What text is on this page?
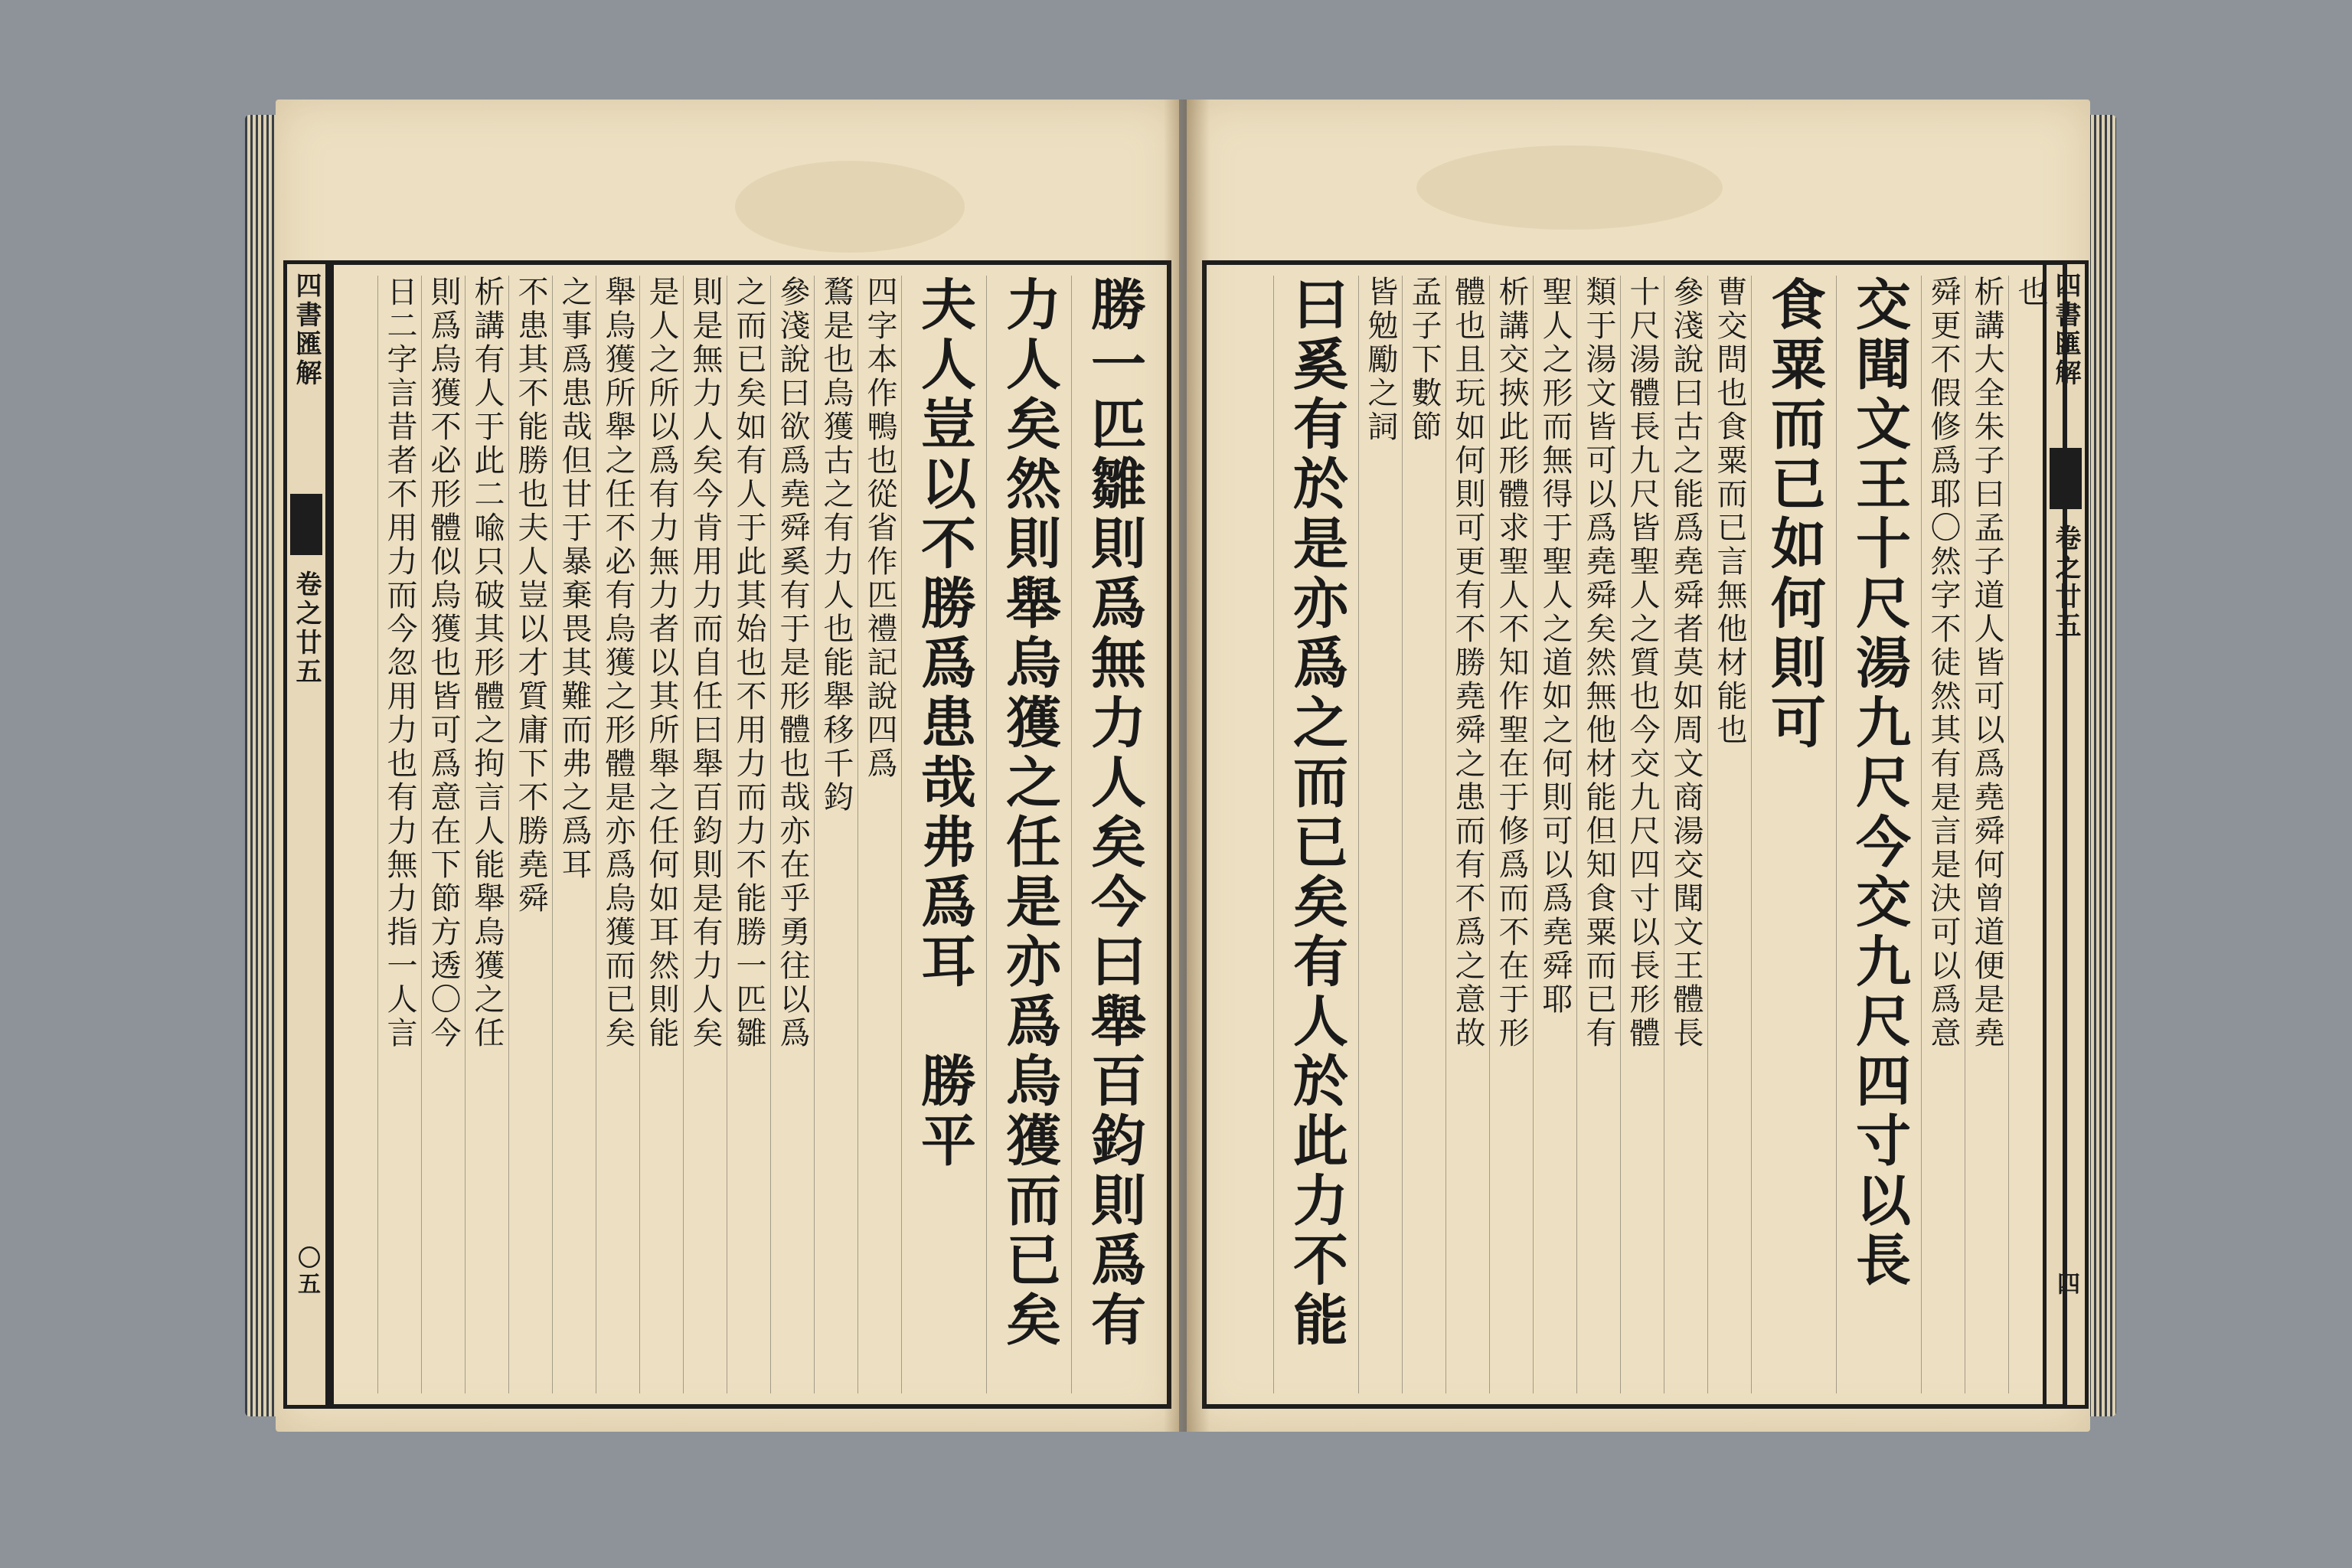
四書匯解
卷之廿五
〇五	勝一匹雛則爲無力人矣今曰舉百鈞則爲有
力人矣然則舉烏獲之任是亦爲烏獲而已矣
夫人豈以不勝爲患哉弗爲耳　勝平
四字本作鴨也從省作匹禮記說四爲
鶩是也烏獲古之有力人也能舉移千鈞
參淺說曰欲爲堯舜奚有于是形體也哉亦在乎勇往以爲
之而已矣如有人于此其始也不用力而力不能勝一匹雛
則是無力人矣今肯用力而自任曰舉百鈞則是有力人矣
是人之所以爲有力無力者以其所舉之任何如耳然則能
舉烏獲所舉之任不必有烏獲之形體是亦爲烏獲而已矣
之事爲患哉但甘于暴棄畏其難而弗之爲耳
不患其不能勝也夫人豈以才質庸下不勝堯舜
析講有人于此二喩只破其形體之拘言人能舉烏獲之任
則爲烏獲不必形體似烏獲也皆可爲意在下節方透〇今
日二字言昔者不用力而今忽用力也有力無力指一人言	四書匯解
卷之廿五
四
也
析講大全朱子曰孟子道人皆可以爲堯舜何曾道便是堯
舜更不假修爲耶〇然字不徒然其有是言是決可以爲意
交聞文王十尺湯九尺今交九尺四寸以長
食粟而已如何則可
曹交問也食粟而已言無他材能也
參淺說曰古之能爲堯舜者莫如周文商湯交聞文王體長
十尺湯體長九尺皆聖人之質也今交九尺四寸以長形體
類于湯文皆可以爲堯舜矣然無他材能但知食粟而已有
聖人之形而無得于聖人之道如之何則可以爲堯舜耶
析講交挾此形體求聖人不知作聖在于修爲而不在于形
體也且玩如何則可更有不勝堯舜之患而有不爲之意故
孟子下數節
皆勉勵之詞
曰奚有於是亦爲之而已矣有人於此力不能
